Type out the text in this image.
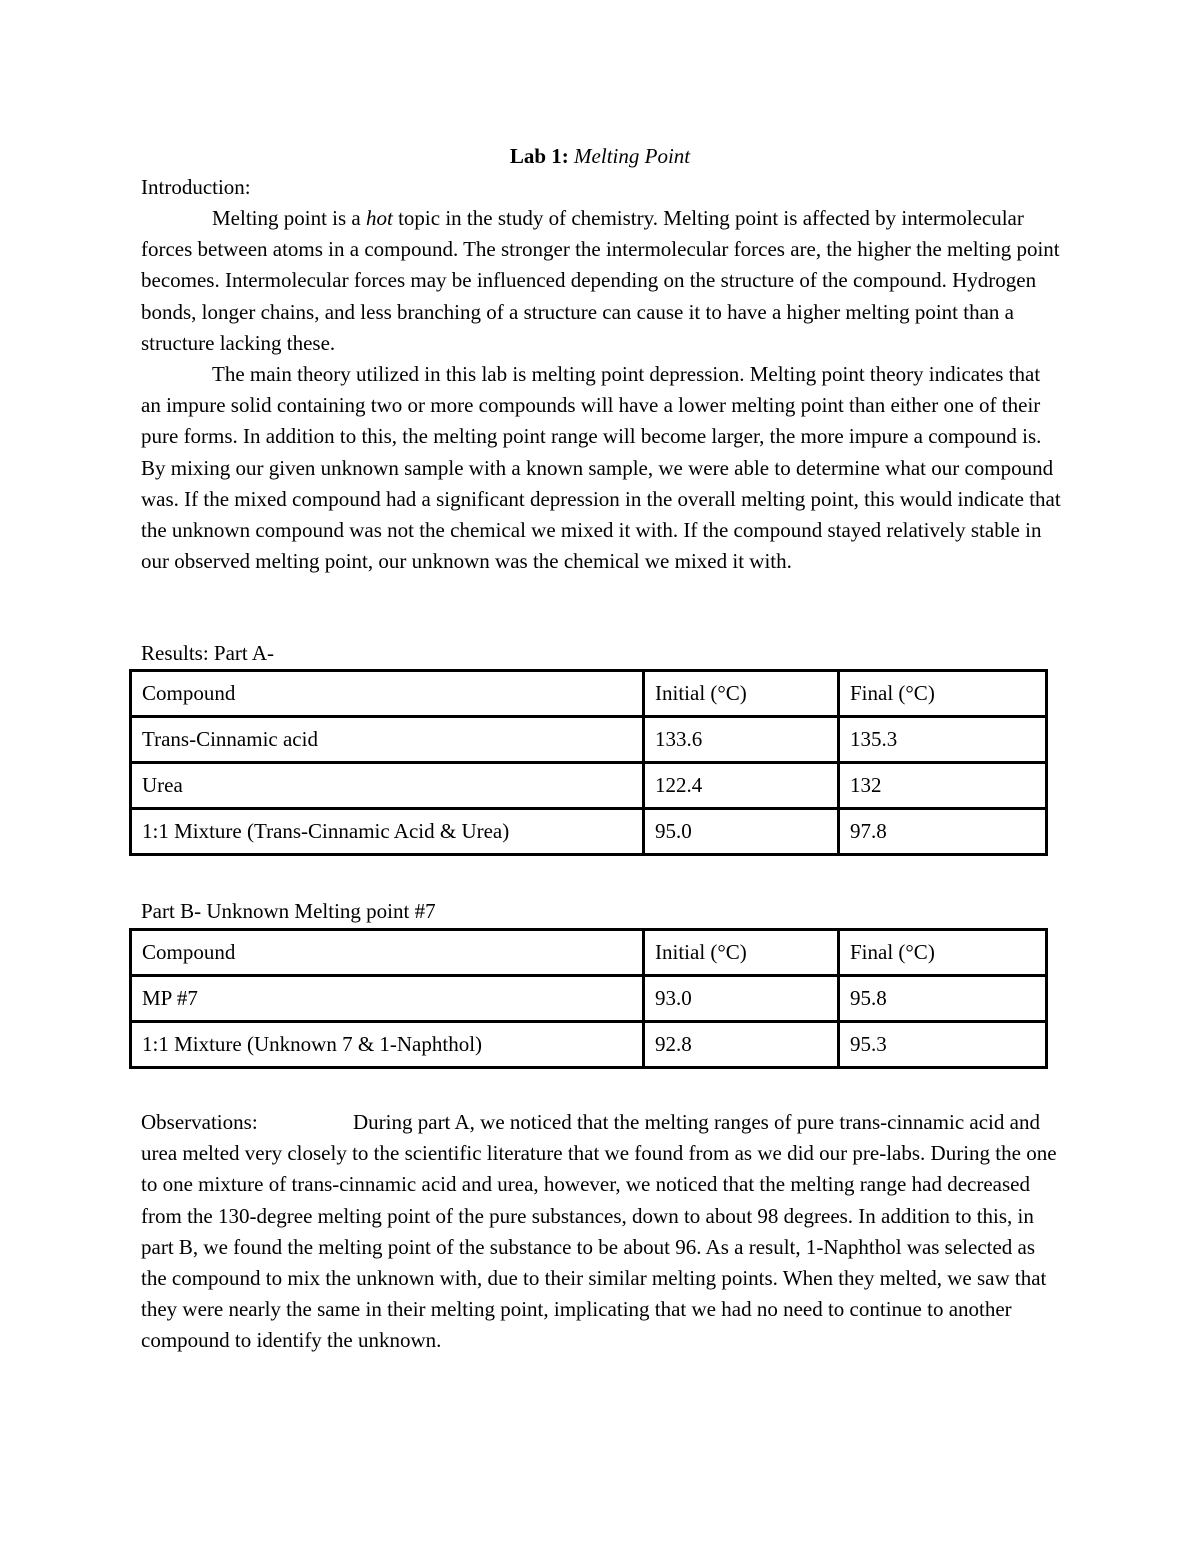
Lab 1: Melting Point
Introduction:

Melting point is a hot topic in the study of chemistry. Melting point is affected by intermolecular forces between atoms in a compound. The stronger the intermolecular forces are, the higher the melting point becomes. Intermolecular forces may be influenced depending on the structure of the compound. Hydrogen bonds, longer chains, and less branching of a structure can cause it to have a higher melting point than a structure lacking these.

The main theory utilized in this lab is melting point depression. Melting point theory indicates that an impure solid containing two or more compounds will have a lower melting point than either one of their pure forms. In addition to this, the melting point range will become larger, the more impure a compound is. By mixing our given unknown sample with a known sample, we were able to determine what our compound was. If the mixed compound had a significant depression in the overall melting point, this would indicate that the unknown compound was not the chemical we mixed it with. If the compound stayed relatively stable in our observed melting point, our unknown was the chemical we mixed it with.

Results: Part A-
Compound	Initial (°C)	Final (°C)
Trans-Cinnamic acid	133.6	135.3
Urea	122.4	132
1:1 Mixture (Trans-Cinnamic Acid & Urea)	95.0	97.8
Part B- Unknown Melting point #7
Compound	Initial (°C)	Final (°C)
MP #7	93.0	95.8
1:1 Mixture (Unknown 7 & 1-Naphthol)	92.8	95.3
Observations:	During part A, we noticed that the melting ranges of pure trans-cinnamic acid and urea melted very closely to the scientific literature that we found from as we did our pre-labs. During the one to one mixture of trans-cinnamic acid and urea, however, we noticed that the melting range had decreased from the 130-degree melting point of the pure substances, down to about 98 degrees. In addition to this, in part B, we found the melting point of the substance to be about 96. As a result, 1-Naphthol was selected as the compound to mix the unknown with, due to their similar melting points. When they melted, we saw that they were nearly the same in their melting point, implicating that we had no need to continue to another compound to identify the unknown.
